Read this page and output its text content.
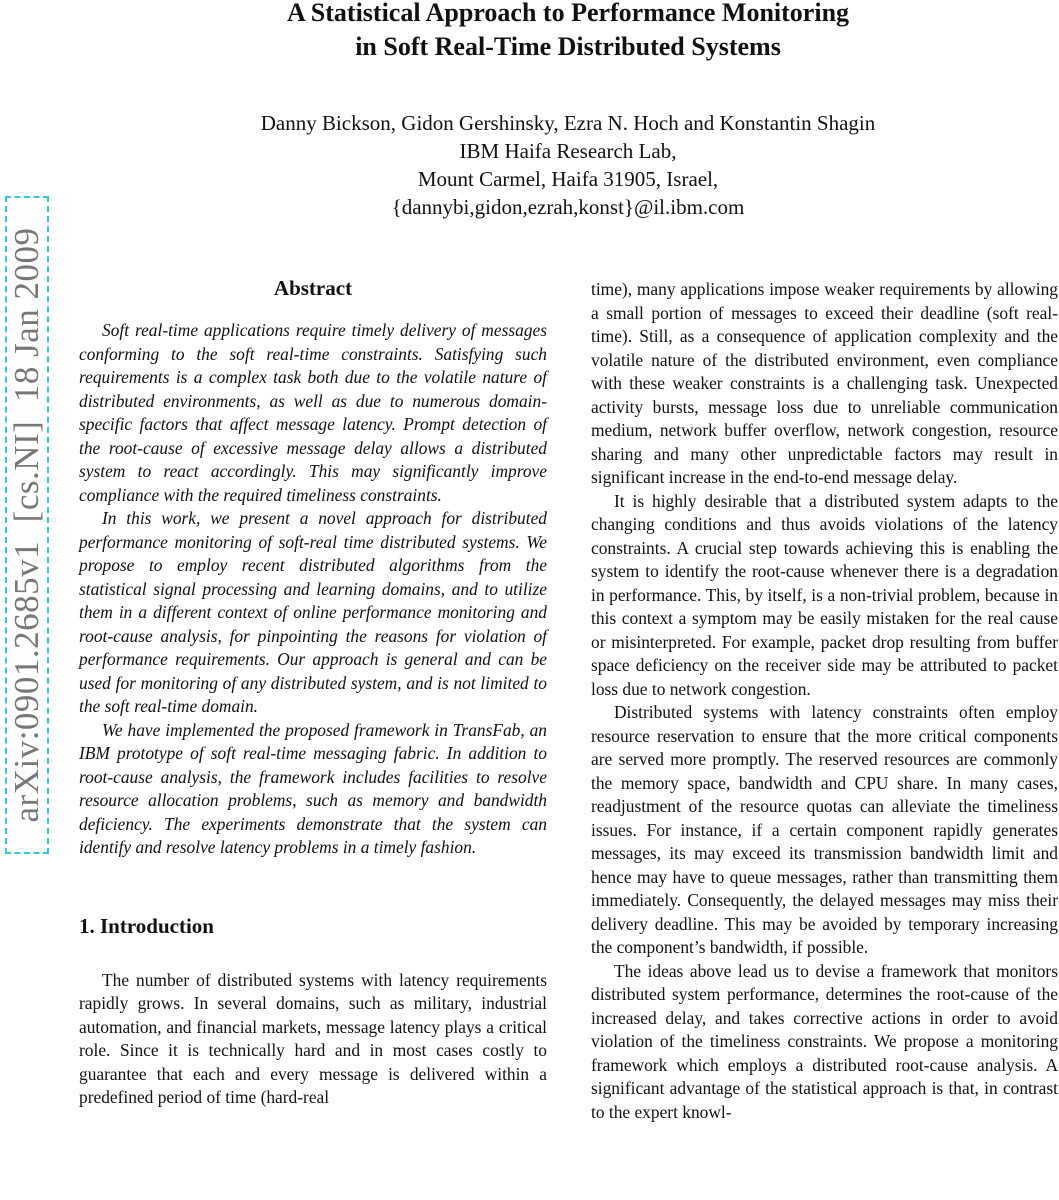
A Statistical Approach to Performance Monitoring
in Soft Real-Time Distributed Systems
Danny Bickson, Gidon Gershinsky, Ezra N. Hoch and Konstantin Shagin
IBM Haifa Research Lab,
Mount Carmel, Haifa 31905, Israel,
{dannybi,gidon,ezrah,konst}@il.ibm.com
arXiv:0901.2685v1  [cs.NI]  18 Jan 2009	Abstract

Soft real-time applications require timely delivery of messages conforming to the soft real-time constraints. Satisfying such requirements is a complex task both due to the volatile nature of distributed environments, as well as due to numerous domain-specific factors that affect message latency. Prompt detection of the root-cause of excessive message delay allows a distributed system to react accordingly. This may significantly improve compliance with the required timeliness constraints.

In this work, we present a novel approach for distributed performance monitoring of soft-real time distributed systems. We propose to employ recent distributed algorithms from the statistical signal processing and learning domains, and to utilize them in a different context of online performance monitoring and root-cause analysis, for pinpointing the reasons for violation of performance requirements. Our approach is general and can be used for monitoring of any distributed system, and is not limited to the soft real-time domain.

We have implemented the proposed framework in TransFab, an IBM prototype of soft real-time messaging fabric. In addition to root-cause analysis, the framework includes facilities to resolve resource allocation problems, such as memory and bandwidth deficiency. The experiments demonstrate that the system can identify and resolve latency problems in a timely fashion.

1. Introduction

The number of distributed systems with latency requirements rapidly grows. In several domains, such as military, industrial automation, and financial markets, message latency plays a critical role. Since it is technically hard and in most cases costly to guarantee that each and every message is delivered within a predefined period of time (hard-real

time), many applications impose weaker requirements by allowing a small portion of messages to exceed their deadline (soft real-time). Still, as a consequence of application complexity and the volatile nature of the distributed environment, even compliance with these weaker constraints is a challenging task. Unexpected activity bursts, message loss due to unreliable communication medium, network buffer overflow, network congestion, resource sharing and many other unpredictable factors may result in significant increase in the end-to-end message delay.

It is highly desirable that a distributed system adapts to the changing conditions and thus avoids violations of the latency constraints. A crucial step towards achieving this is enabling the system to identify the root-cause whenever there is a degradation in performance. This, by itself, is a non-trivial problem, because in this context a symptom may be easily mistaken for the real cause or misinterpreted. For example, packet drop resulting from buffer space deficiency on the receiver side may be attributed to packet loss due to network congestion.

Distributed systems with latency constraints often employ resource reservation to ensure that the more critical components are served more promptly. The reserved resources are commonly the memory space, bandwidth and CPU share. In many cases, readjustment of the resource quotas can alleviate the timeliness issues. For instance, if a certain component rapidly generates messages, its may exceed its transmission bandwidth limit and hence may have to queue messages, rather than transmitting them immediately. Consequently, the delayed messages may miss their delivery deadline. This may be avoided by temporary increasing the component’s bandwidth, if possible.

The ideas above lead us to devise a framework that monitors distributed system performance, determines the root-cause of the increased delay, and takes corrective actions in order to avoid violation of the timeliness constraints. We propose a monitoring framework which employs a distributed root-cause analysis. A significant advantage of the statistical approach is that, in contrast to the expert knowl-
